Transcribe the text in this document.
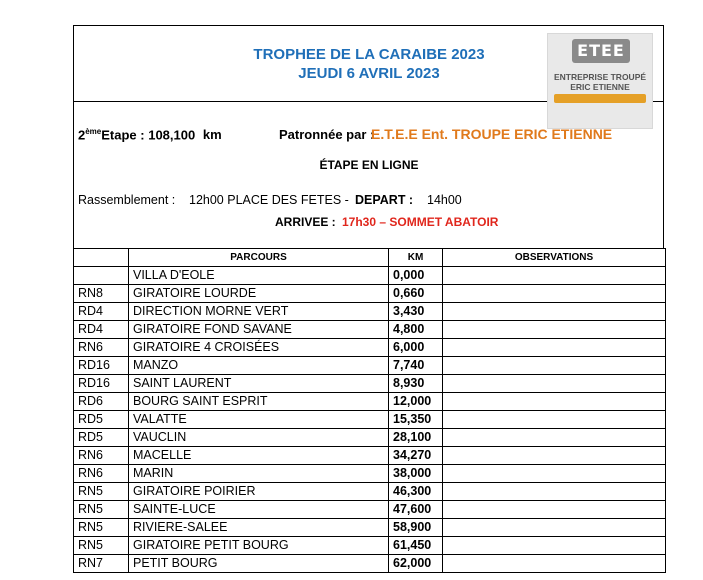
TROPHEE DE LA CARAIBE 2023
JEUDI 6 AVRIL 2023
ETEE
ENTREPRISE TROUPÉ
ERIC ETIENNE
2èmeEtape : 108,100 km	Patronnée par :
E.T.E.E Ent. TROUPE ERIC ETIENNE
ÉTAPE EN LIGNE
Rassemblement : 12h00 PLACE DES FETES - DEPART : 14h00
ARRIVEE : 17h30 – SOMMET ABATOIR
	PARCOURS	KM	OBSERVATIONS
	VILLA D'EOLE	0,000	
RN8	GIRATOIRE LOURDE	0,660	
RD4	DIRECTION MORNE VERT	3,430	
RD4	GIRATOIRE FOND SAVANE	4,800	
RN6	GIRATOIRE 4 CROISÉES	6,000	
RD16	MANZO	7,740	
RD16	SAINT LAURENT	8,930	
RD6	BOURG SAINT ESPRIT	12,000	
RD5	VALATTE	15,350	
RD5	VAUCLIN	28,100	
RN6	MACELLE	34,270	
RN6	MARIN	38,000	
RN5	GIRATOIRE POIRIER	46,300	
RN5	SAINTE-LUCE	47,600	
RN5	RIVIERE-SALEE	58,900	
RN5	GIRATOIRE PETIT BOURG	61,450	
RN7	PETIT BOURG	62,000	
